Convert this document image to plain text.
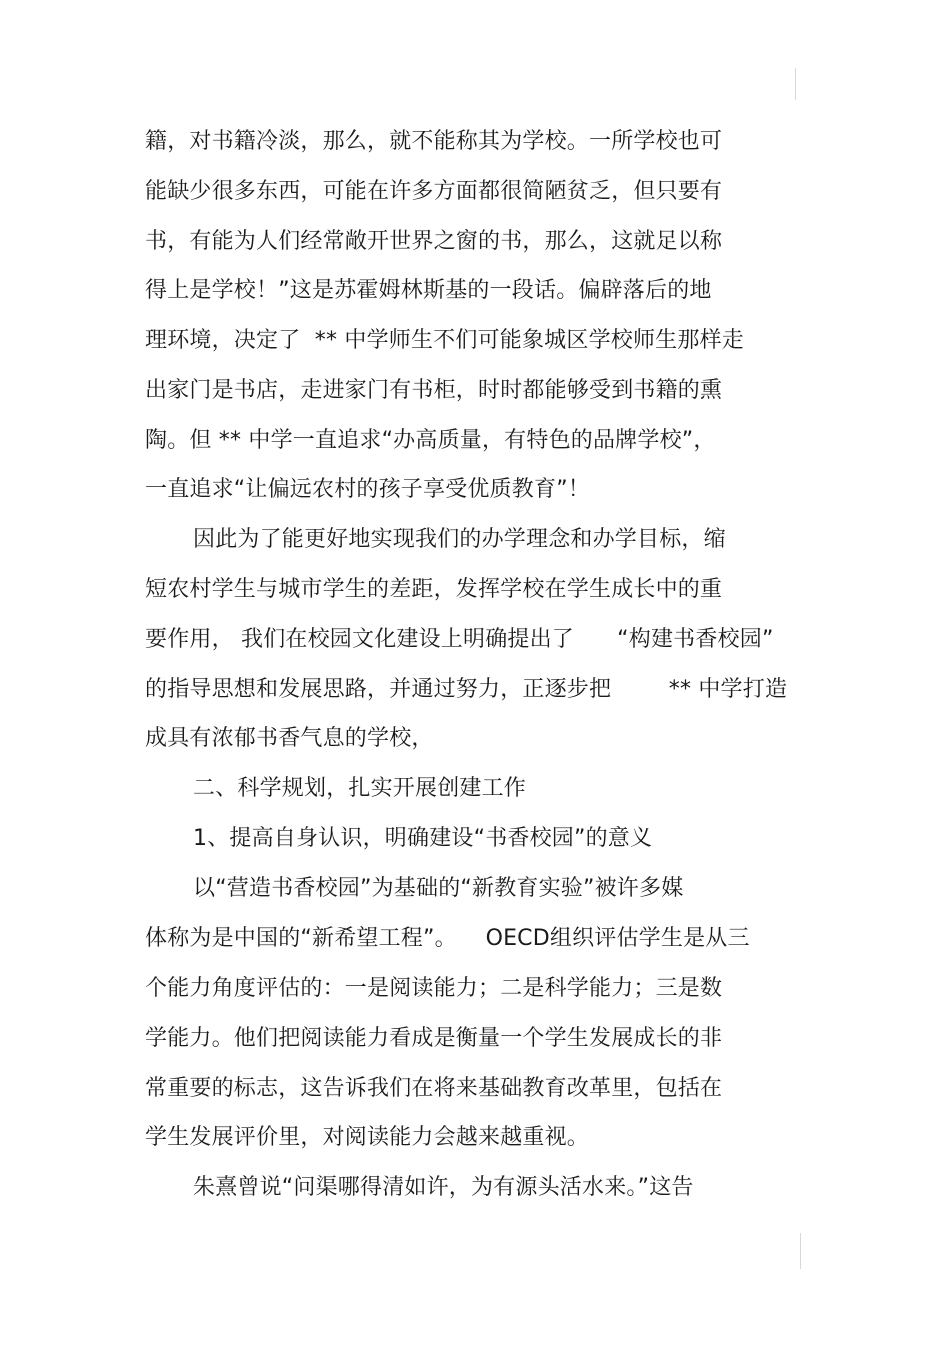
籍，对书籍冷淡，那么，就不能称其为学校。一所学校也可
能缺少很多东西，可能在许多方面都很简陋贫乏，但只要有
书，有能为人们经常敞开世界之窗的书，那么，这就足以称
得上是学校！”这是苏霍姆林斯基的一段话。偏辟落后的地
理环境，决定了  ** 中学师生不们可能象城区学校师生那样走
出家门是书店，走进家门有书柜，时时都能够受到书籍的熏
陶。但 ** 中学一直追求“办高质量，有特色的品牌学校”，
一直追求“让偏远农村的孩子享受优质教育”！
因此为了能更好地实现我们的办学理念和办学目标，缩
短农村学生与城市学生的差距，发挥学校在学生成长中的重
要作用， 我们在校园文化建设上明确提出了      “构建书香校园”
的指导思想和发展思路，并通过努力，正逐步把        ** 中学打造
成具有浓郁书香气息的学校，
二、科学规划，扎实开展创建工作
1、提高自身认识，明确建设“书香校园”的意义
以“营造书香校园”为基础的“新教育实验”被许多媒
体称为是中国的“新希望工程”。    OECD组织评估学生是从三
个能力角度评估的：一是阅读能力；二是科学能力；三是数
学能力。他们把阅读能力看成是衡量一个学生发展成长的非
常重要的标志，这告诉我们在将来基础教育改革里，包括在
学生发展评价里，对阅读能力会越来越重视。
朱熹曾说“问渠哪得清如许，为有源头活水来。”这告
